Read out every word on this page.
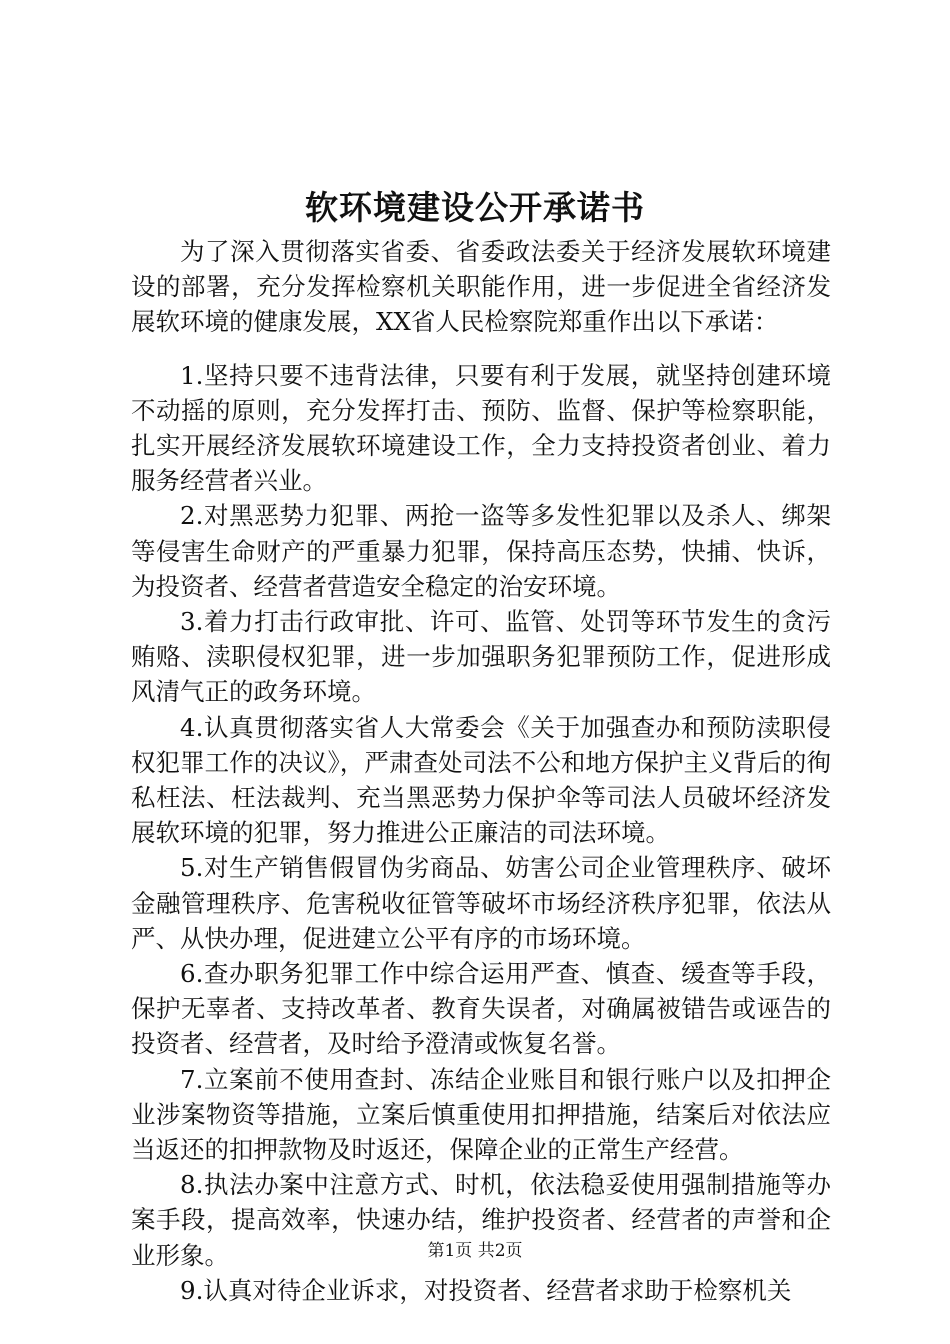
软环境建设公开承诺书

为了深入贯彻落实省委、省委政法委关于经济发展软环境建设的部署，充分发挥检察机关职能作用，进一步促进全省经济发展软环境的健康发展，XX省人民检察院郑重作出以下承诺：

1.坚持只要不违背法律，只要有利于发展，就坚持创建环境不动摇的原则，充分发挥打击、预防、监督、保护等检察职能，扎实开展经济发展软环境建设工作，全力支持投资者创业、着力服务经营者兴业。

2.对黑恶势力犯罪、两抢一盗等多发性犯罪以及杀人、绑架等侵害生命财产的严重暴力犯罪，保持高压态势，快捕、快诉，为投资者、经营者营造安全稳定的治安环境。

3.着力打击行政审批、许可、监管、处罚等环节发生的贪污贿赂、渎职侵权犯罪，进一步加强职务犯罪预防工作，促进形成风清气正的政务环境。

4.认真贯彻落实省人大常委会《关于加强查办和预防渎职侵权犯罪工作的决议》，严肃查处司法不公和地方保护主义背后的徇私枉法、枉法裁判、充当黑恶势力保护伞等司法人员破坏经济发展软环境的犯罪，努力推进公正廉洁的司法环境。

5.对生产销售假冒伪劣商品、妨害公司企业管理秩序、破坏金融管理秩序、危害税收征管等破坏市场经济秩序犯罪，依法从严、从快办理，促进建立公平有序的市场环境。

6.查办职务犯罪工作中综合运用严查、慎查、缓查等手段，保护无辜者、支持改革者、教育失误者，对确属被错告或诬告的投资者、经营者，及时给予澄清或恢复名誉。

7.立案前不使用查封、冻结企业账目和银行账户以及扣押企业涉案物资等措施，立案后慎重使用扣押措施，结案后对依法应当返还的扣押款物及时返还，保障企业的正常生产经营。

8.执法办案中注意方式、时机，依法稳妥使用强制措施等办案手段，提高效率，快速办结，维护投资者、经营者的声誉和企业形象。

9.认真对待企业诉求，对投资者、经营者求助于检察机关

第1页 共2页
